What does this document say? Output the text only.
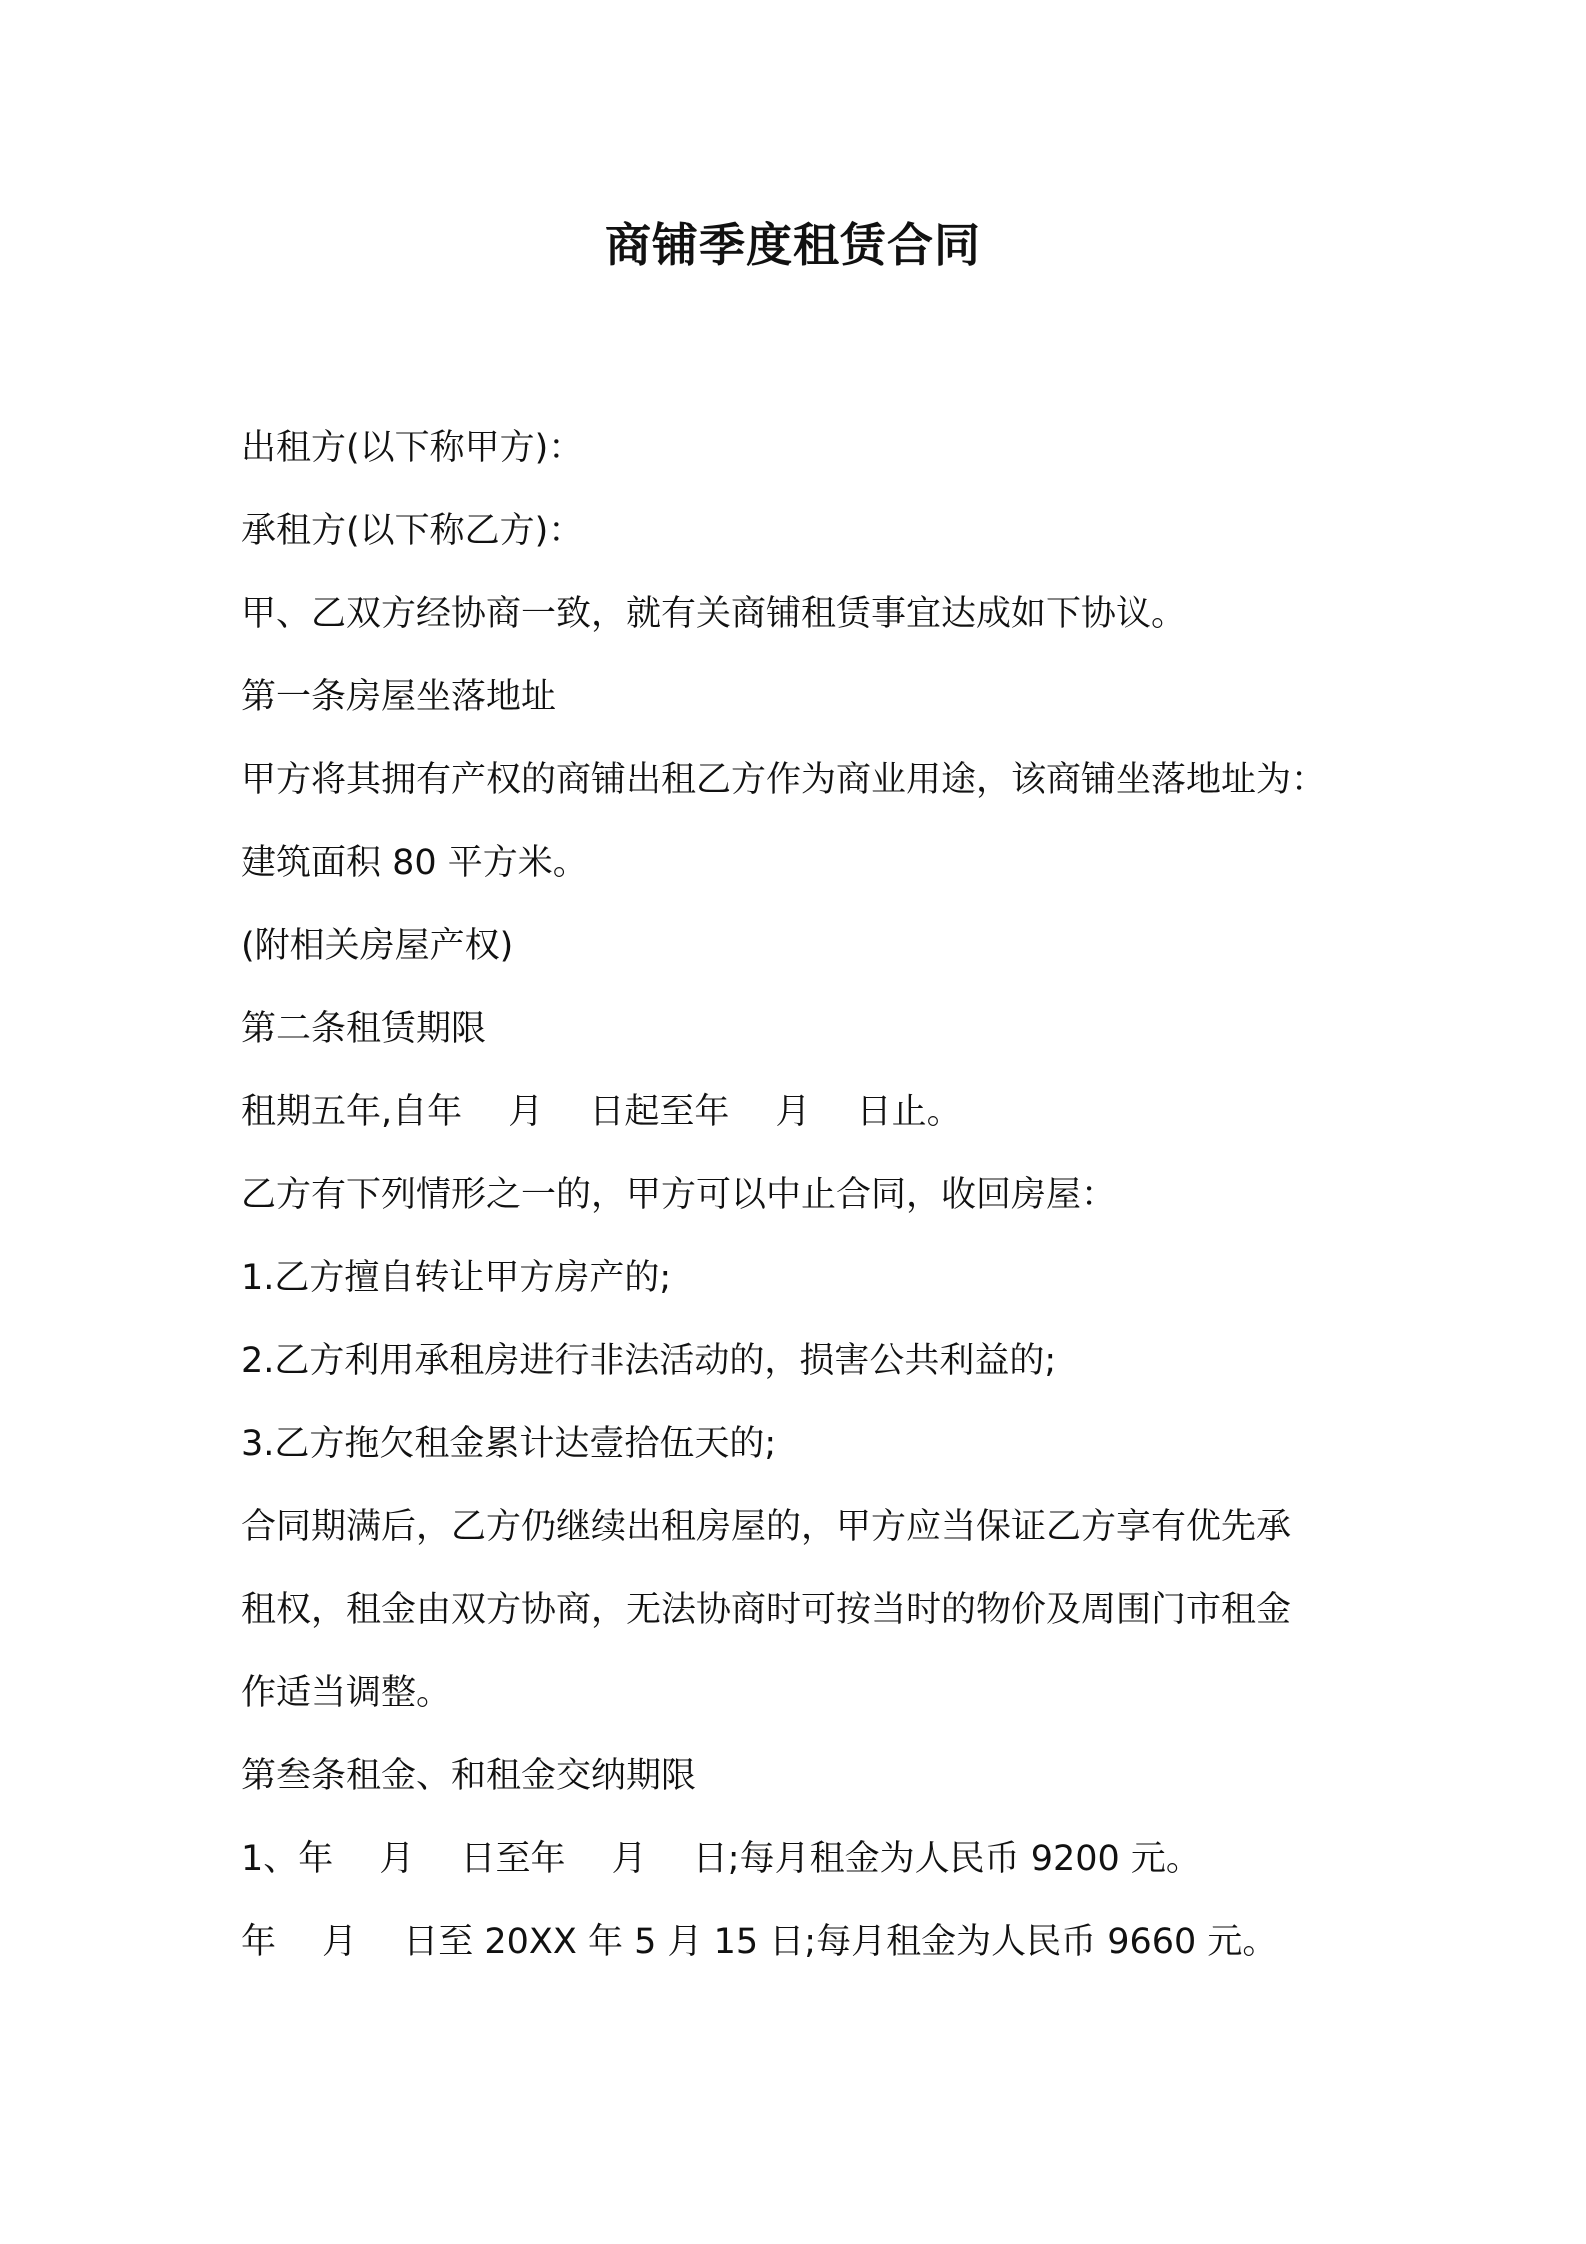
商铺季度租赁合同

出租方(以下称甲方)：

承租方(以下称乙方)：

甲、乙双方经协商一致，就有关商铺租赁事宜达成如下协议。

第一条房屋坐落地址

甲方将其拥有产权的商铺出租乙方作为商业用途，该商铺坐落地址为：

建筑面积 80 平方米。

(附相关房屋产权)

第二条租赁期限

租期五年,自年　 月　 日起至年　 月　 日止。

乙方有下列情形之一的，甲方可以中止合同，收回房屋：

1.乙方擅自转让甲方房产的;

2.乙方利用承租房进行非法活动的，损害公共利益的;

3.乙方拖欠租金累计达壹拾伍天的;

合同期满后，乙方仍继续出租房屋的，甲方应当保证乙方享有优先承

租权，租金由双方协商，无法协商时可按当时的物价及周围门市租金

作适当调整。

第叁条租金、和租金交纳期限

1、年　 月　 日至年　 月　 日;每月租金为人民币 9200 元。

年　 月　 日至 20XX 年 5 月 15 日;每月租金为人民币 9660 元。
